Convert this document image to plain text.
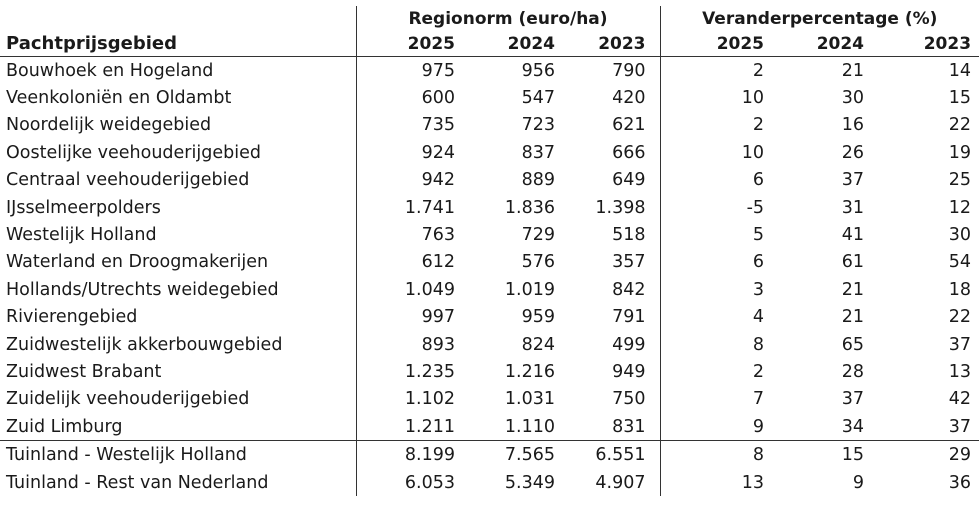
	Regionorm (euro/ha)			Veranderpercentage (%)		
Pachtprijsgebied	2025	2024	2023	2025	2024	2023
Bouwhoek en Hogeland	975	956	790	2	21	14
Veenkoloniën en Oldambt	600	547	420	10	30	15
Noordelijk weidegebied	735	723	621	2	16	22
Oostelijke veehouderijgebied	924	837	666	10	26	19
Centraal veehouderijgebied	942	889	649	6	37	25
IJsselmeerpolders	1.741	1.836	1.398	-5	31	12
Westelijk Holland	763	729	518	5	41	30
Waterland en Droogmakerijen	612	576	357	6	61	54
Hollands/Utrechts weidegebied	1.049	1.019	842	3	21	18
Rivierengebied	997	959	791	4	21	22
Zuidwestelijk akkerbouwgebied	893	824	499	8	65	37
Zuidwest Brabant	1.235	1.216	949	2	28	13
Zuidelijk veehouderijgebied	1.102	1.031	750	7	37	42
Zuid Limburg	1.211	1.110	831	9	34	37
Tuinland - Westelijk Holland	8.199	7.565	6.551	8	15	29
Tuinland - Rest van Nederland	6.053	5.349	4.907	13	9	36
